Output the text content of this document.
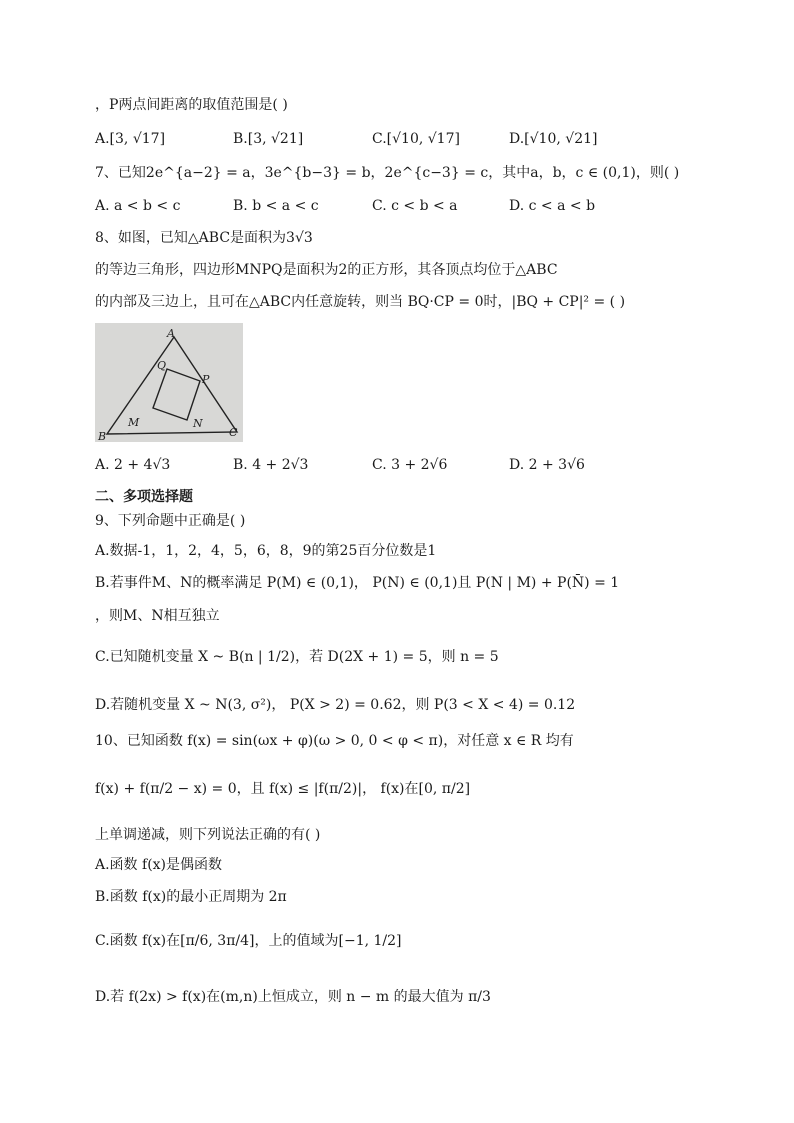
，P两点间距离的取值范围是( )
A.[3, √17]	B.[3, √21]	C.[√10, √17]	D.[√10, √21]
7、已知2e^{a−2} = a，3e^{b−3} = b，2e^{c−3} = c，其中a，b，c ∈ (0,1)，则( )
A. a < b < c	B. b < a < c	C. c < b < a	D. c < a < b
8、如图，已知△ABC是面积为3√3
的等边三角形，四边形MNPQ是面积为2的正方形，其各顶点均位于△ABC
的内部及三边上，且可在△ABC内任意旋转，则当 BQ·CP = 0时，|BQ + CP|² = ( )
A
B	C
M	N
P
Q
A. 2 + 4√3	B. 4 + 2√3	C. 3 + 2√6	D. 2 + 3√6
二、多项选择题
9、下列命题中正确是( )
A.数据-1，1，2，4，5，6，8，9的第25百分位数是1
B.若事件M、N的概率满足 P(M) ∈ (0,1)， P(N) ∈ (0,1)且 P(N | M) + P(N̄) = 1
，则M、N相互独立
C.已知随机变量 X ~ B(n | 1/2)，若 D(2X + 1) = 5，则 n = 5
D.若随机变量 X ~ N(3, σ²)， P(X > 2) = 0.62，则 P(3 < X < 4) = 0.12
10、已知函数 f(x) = sin(ωx + φ)(ω > 0, 0 < φ < π)，对任意 x ∈ R 均有
f(x) + f(π/2 − x) = 0，且 f(x) ≤ |f(π/2)|， f(x)在[0, π/2]
上单调递减，则下列说法正确的有( )
A.函数 f(x)是偶函数
B.函数 f(x)的最小正周期为 2π
C.函数 f(x)在[π/6, 3π/4]，上的值域为[−1, 1/2]
D.若 f(2x) > f(x)在(m,n)上恒成立，则 n − m 的最大值为 π/3
